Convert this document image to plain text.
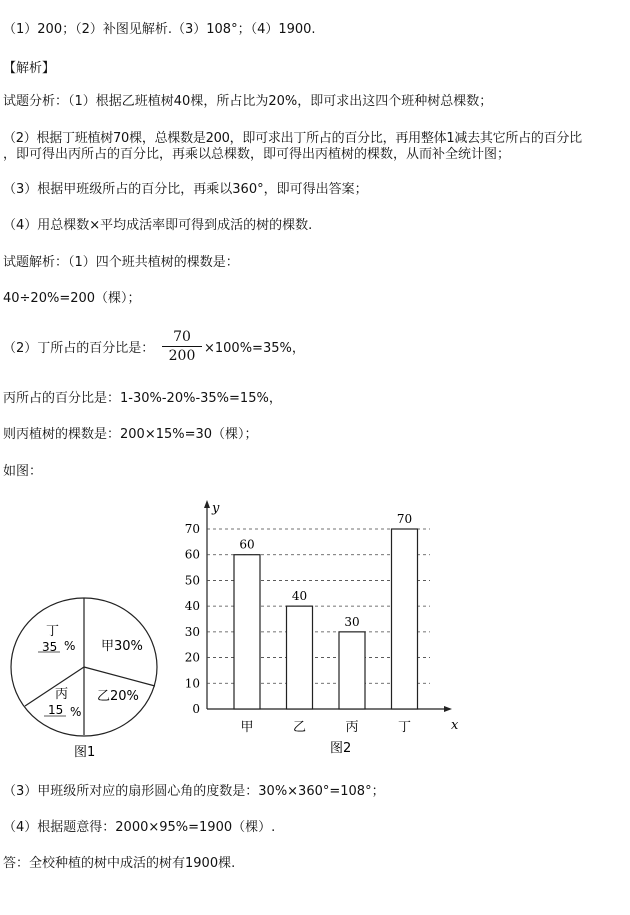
（1）200；（2）补图见解析.（3）108°；（4）1900.
【解析】
试题分析：（1）根据乙班植树40棵，所占比为20%，即可求出这四个班种树总棵数；
（2）根据丁班植树70棵，总棵数是200，即可求出丁所占的百分比，再用整体1减去其它所占的百分比
，即可得出丙所占的百分比，再乘以总棵数，即可得出丙植树的棵数，从而补全统计图；
（3）根据甲班级所占的百分比，再乘以360°，即可得出答案；
（4）用总棵数×平均成活率即可得到成活的树的棵数.
试题解析：（1）四个班共植树的棵数是：
40÷20%=200（棵）；
（2）丁所占的百分比是： $\frac{70}{200} \times 100\%=35\%$，
丙所占的百分比是：1-30%-20%-35%=15%，
则丙植树的棵数是：200×15%=30（棵）；
如图：
甲30%
乙20%
丁
35 %
丙
15 %
图1
y
x
0
10
20
30
40
50
60
70
60
40
30
70
甲	乙	丙	丁
图2
（3）甲班级所对应的扇形圆心角的度数是：30%×360°=108°；
（4）根据题意得：2000×95%=1900（棵）.
答：全校种植的树中成活的树有1900棵.
